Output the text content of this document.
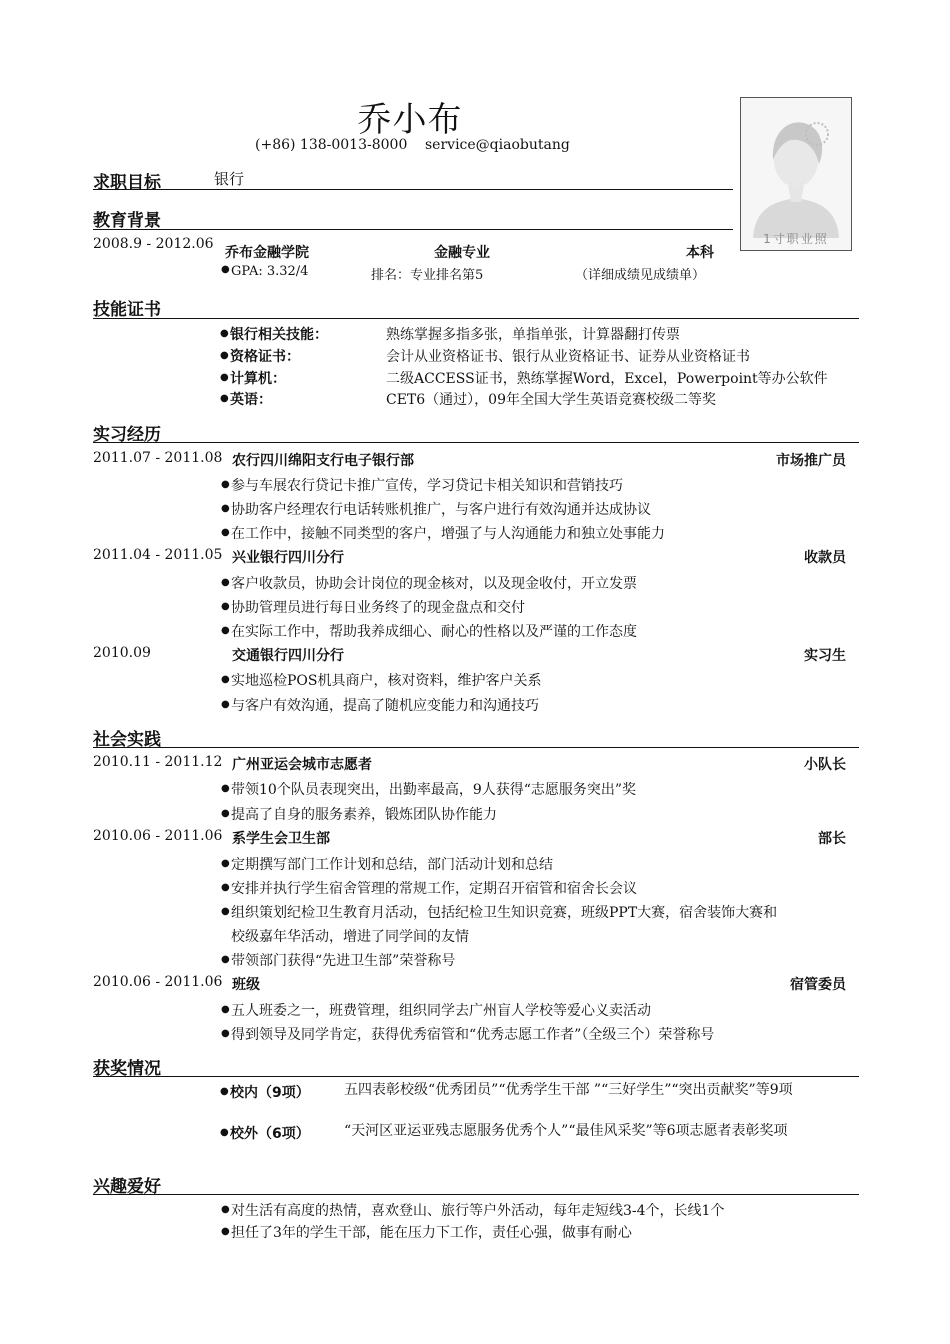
乔小布
(+86) 138-0013-8000 service@qiaobutang
1寸职业照
求职目标	银行
教育背景
2008.9 - 2012.06
乔布金融学院	金融专业	本科
●GPA: 3.32/4	排名：专业排名第5	（详细成绩见成绩单）
技能证书
●银行相关技能：	熟练掌握多指多张，单指单张，计算器翻打传票
●资格证书：	会计从业资格证书、银行从业资格证书、证券从业资格证书
●计算机：	二级ACCESS证书，熟练掌握Word，Excel，Powerpoint等办公软件
●英语：	CET6（通过），09年全国大学生英语竞赛校级二等奖
实习经历
2011.07 - 2011.08 农行四川绵阳支行电子银行部	市场推广员
●参与车展农行贷记卡推广宣传，学习贷记卡相关知识和营销技巧
●协助客户经理农行电话转账机推广，与客户进行有效沟通并达成协议
●在工作中，接触不同类型的客户，增强了与人沟通能力和独立处事能力
2011.04 - 2011.05 兴业银行四川分行	收款员
●客户收款员，协助会计岗位的现金核对，以及现金收付，开立发票
●协助管理员进行每日业务终了的现金盘点和交付
●在实际工作中，帮助我养成细心、耐心的性格以及严谨的工作态度
2010.09	交通银行四川分行	实习生
●实地巡检POS机具商户，核对资料，维护客户关系
●与客户有效沟通，提高了随机应变能力和沟通技巧
社会实践
2010.11 - 2011.12 广州亚运会城市志愿者	小队长
●带领10个队员表现突出，出勤率最高，9人获得“志愿服务突出”奖
●提高了自身的服务素养，锻炼团队协作能力
2010.06 - 2011.06 系学生会卫生部	部长
●定期撰写部门工作计划和总结，部门活动计划和总结
●安排并执行学生宿舍管理的常规工作，定期召开宿管和宿舍长会议
●组织策划纪检卫生教育月活动，包括纪检卫生知识竞赛，班级PPT大赛，宿舍装饰大赛和
校级嘉年华活动，增进了同学间的友情
●带领部门获得“先进卫生部”荣誉称号
2010.06 - 2011.06 班级	宿管委员
●五人班委之一，班费管理，组织同学去广州盲人学校等爱心义卖活动
●得到领导及同学肯定，获得优秀宿管和“优秀志愿工作者”（全级三个）荣誉称号
获奖情况
●校内（9项） 五四表彰校级“优秀团员”“优秀学生干部 ”“三好学生”“突出贡献奖”等9项
●校外（6项） “天河区亚运亚残志愿服务优秀个人”“最佳风采奖”等6项志愿者表彰奖项
兴趣爱好
●对生活有高度的热情，喜欢登山、旅行等户外活动，每年走短线3-4个，长线1个
●担任了3年的学生干部，能在压力下工作，责任心强，做事有耐心
